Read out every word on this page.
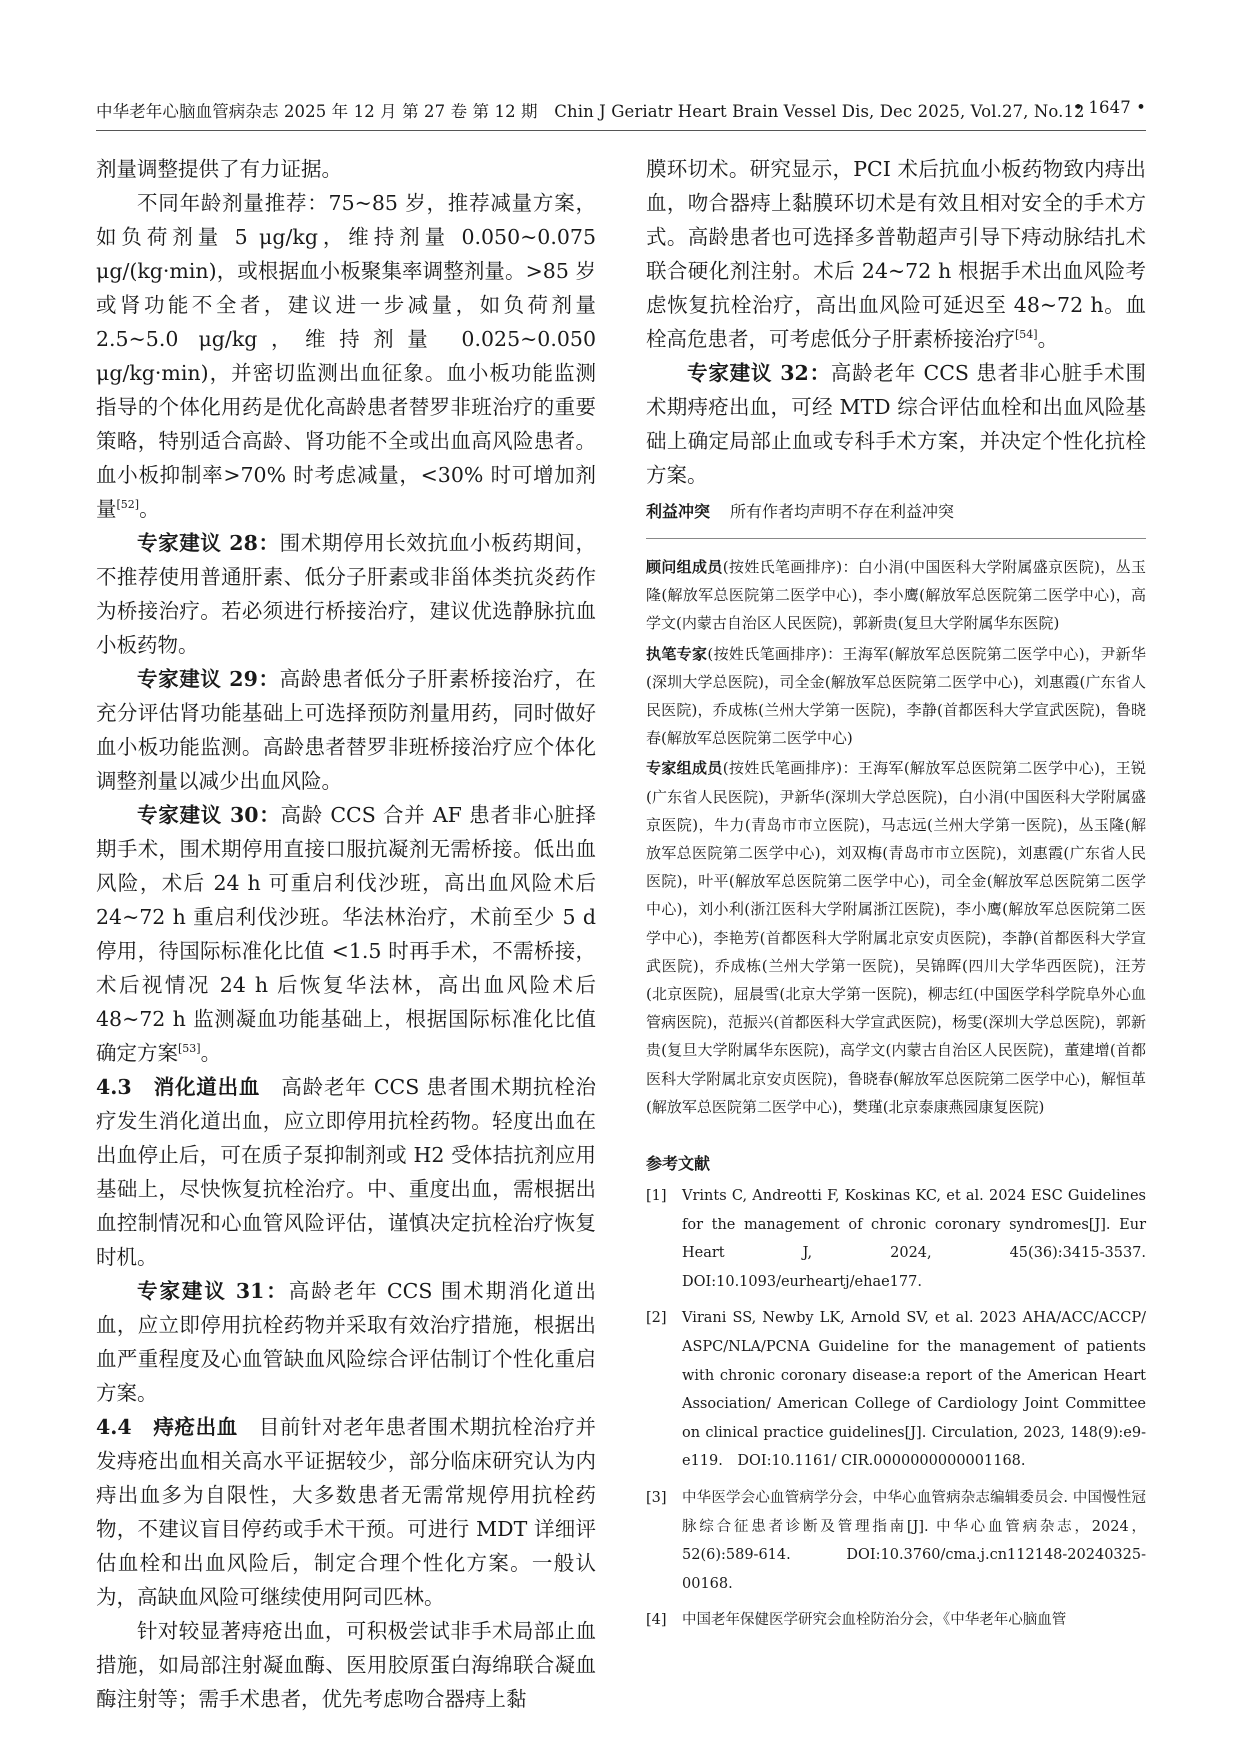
中华老年心脑血管病杂志 2025 年 12 月 第 27 卷 第 12 期　 Chin J Geriatr Heart Brain Vessel Dis, Dec 2025, Vol.27, No.12
• 1647 •

剂量调整提供了有力证据。

不同年龄剂量推荐：75~85 岁，推荐减量方案，如负荷剂量 5 μg/kg，维持剂量 0.050~0.075 μg/(kg·min)，或根据血小板聚集率调整剂量。>85 岁或肾功能不全者，建议进一步减量，如负荷剂量 2.5~5.0 μg/kg，维持剂量 0.025~0.050 μg/kg·min)，并密切监测出血征象。血小板功能监测指导的个体化用药是优化高龄患者替罗非班治疗的重要策略，特别适合高龄、肾功能不全或出血高风险患者。血小板抑制率>70% 时考虑减量，<30% 时可增加剂量[52]。

专家建议 28：围术期停用长效抗血小板药期间，不推荐使用普通肝素、低分子肝素或非甾体类抗炎药作为桥接治疗。若必须进行桥接治疗，建议优选静脉抗血小板药物。

专家建议 29：高龄患者低分子肝素桥接治疗，在充分评估肾功能基础上可选择预防剂量用药，同时做好血小板功能监测。高龄患者替罗非班桥接治疗应个体化调整剂量以减少出血风险。

专家建议 30：高龄 CCS 合并 AF 患者非心脏择期手术，围术期停用直接口服抗凝剂无需桥接。低出血风险，术后 24 h 可重启利伐沙班，高出血风险术后 24~72 h 重启利伐沙班。华法林治疗，术前至少 5 d 停用，待国际标准化比值 <1.5 时再手术，不需桥接，术后视情况 24 h 后恢复华法林，高出血风险术后 48~72 h 监测凝血功能基础上，根据国际标准化比值确定方案[53]。

4.3　消化道出血　高龄老年 CCS 患者围术期抗栓治疗发生消化道出血，应立即停用抗栓药物。轻度出血在出血停止后，可在质子泵抑制剂或 H2 受体拮抗剂应用基础上，尽快恢复抗栓治疗。中、重度出血，需根据出血控制情况和心血管风险评估，谨慎决定抗栓治疗恢复时机。

专家建议 31：高龄老年 CCS 围术期消化道出血，应立即停用抗栓药物并采取有效治疗措施，根据出血严重程度及心血管缺血风险综合评估制订个性化重启方案。

4.4　痔疮出血　目前针对老年患者围术期抗栓治疗并发痔疮出血相关高水平证据较少，部分临床研究认为内痔出血多为自限性，大多数患者无需常规停用抗栓药物，不建议盲目停药或手术干预。可进行 MDT 详细评估血栓和出血风险后，制定合理个性化方案。一般认为，高缺血风险可继续使用阿司匹林。

针对较显著痔疮出血，可积极尝试非手术局部止血措施，如局部注射凝血酶、医用胶原蛋白海绵联合凝血酶注射等；需手术患者，优先考虑吻合器痔上黏

膜环切术。研究显示，PCI 术后抗血小板药物致内痔出血，吻合器痔上黏膜环切术是有效且相对安全的手术方式。高龄患者也可选择多普勒超声引导下痔动脉结扎术联合硬化剂注射。术后 24~72 h 根据手术出血风险考虑恢复抗栓治疗，高出血风险可延迟至 48~72 h。血栓高危患者，可考虑低分子肝素桥接治疗[54]。

专家建议 32：高龄老年 CCS 患者非心脏手术围术期痔疮出血，可经 MTD 综合评估血栓和出血风险基础上确定局部止血或专科手术方案，并决定个性化抗栓方案。

利益冲突 所有作者均声明不存在利益冲突

顾问组成员(按姓氏笔画排序)：白小涓(中国医科大学附属盛京医院)，丛玉隆(解放军总医院第二医学中心)，李小鹰(解放军总医院第二医学中心)，高学文(内蒙古自治区人民医院)，郭新贵(复旦大学附属华东医院)

执笔专家(按姓氏笔画排序)：王海军(解放军总医院第二医学中心)，尹新华(深圳大学总医院)，司全金(解放军总医院第二医学中心)，刘惠霞(广东省人民医院)，乔成栋(兰州大学第一医院)，李静(首都医科大学宣武医院)，鲁晓春(解放军总医院第二医学中心)

专家组成员(按姓氏笔画排序)：王海军(解放军总医院第二医学中心)，王锐(广东省人民医院)，尹新华(深圳大学总医院)，白小涓(中国医科大学附属盛京医院)，牛力(青岛市市立医院)，马志远(兰州大学第一医院)，丛玉隆(解放军总医院第二医学中心)，刘双梅(青岛市市立医院)，刘惠霞(广东省人民医院)，叶平(解放军总医院第二医学中心)，司全金(解放军总医院第二医学中心)，刘小利(浙江医科大学附属浙江医院)，李小鹰(解放军总医院第二医学中心)，李艳芳(首都医科大学附属北京安贞医院)，李静(首都医科大学宣武医院)，乔成栋(兰州大学第一医院)，吴锦晖(四川大学华西医院)，汪芳(北京医院)，屈晨雪(北京大学第一医院)，柳志红(中国医学科学院阜外心血管病医院)，范振兴(首都医科大学宣武医院)，杨雯(深圳大学总医院)，郭新贵(复旦大学附属华东医院)，高学文(内蒙古自治区人民医院)，董建增(首都医科大学附属北京安贞医院)，鲁晓春(解放军总医院第二医学中心)，解恒革(解放军总医院第二医学中心)，樊瑾(北京泰康燕园康复医院)

参考文献

[1] Vrints C, Andreotti F, Koskinas KC, et al. 2024 ESC Guidelines for the management of chronic coronary syndromes[J]. Eur Heart J, 2024, 45(36):3415-3537.　DOI:10.1093/eurheartj/ehae177.

[2] Virani SS, Newby LK, Arnold SV, et al. 2023 AHA/ACC/ACCP/ ASPC/NLA/PCNA Guideline for the management of patients with chronic coronary disease:a report of the American Heart Association/ American College of Cardiology Joint Committee on clinical practice guidelines[J]. Circulation, 2023, 148(9):e9-e119.　DOI:10.1161/ CIR.0000000000001168.

[3] 中华医学会心血管病学分会，中华心血管病杂志编辑委员会. 中国慢性冠脉综合征患者诊断及管理指南[J]. 中华心血管病杂志，2024，52(6):589-614.　DOI:10.3760/cma.j.cn112148-20240325-00168.

[4] 中国老年保健医学研究会血栓防治分会，《中华老年心脑血管
